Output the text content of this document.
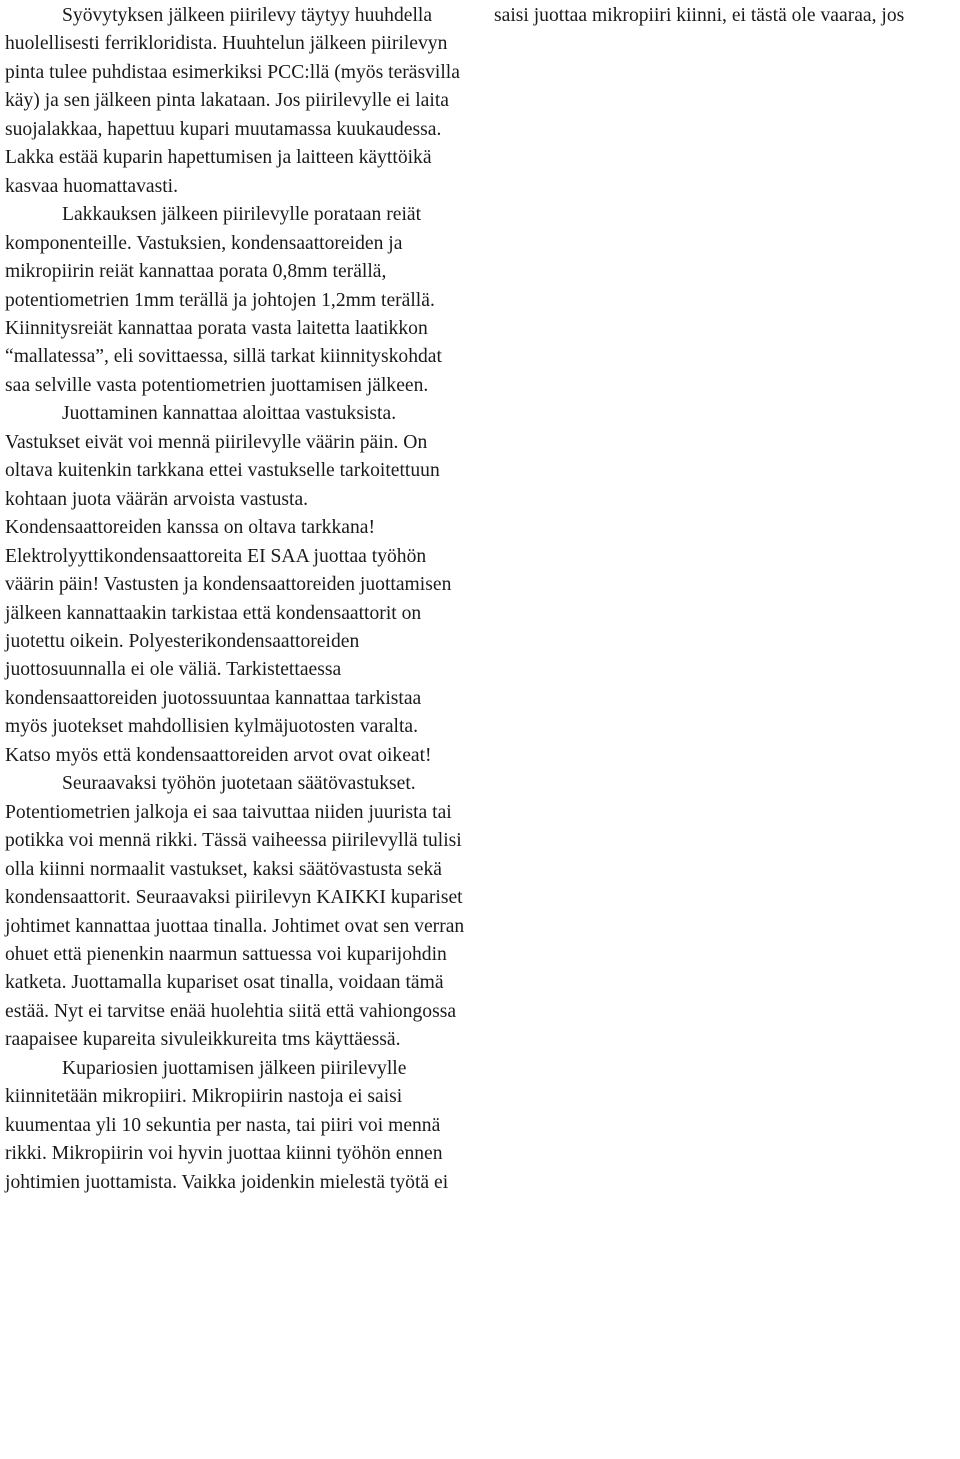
Syövytyksen jälkeen piirilevy täytyy huuhdella huolellisesti ferrikloridista. Huuhtelun jälkeen piirilevyn pinta tulee puhdistaa esimerkiksi PCC:llä (myös teräsvilla käy) ja sen jälkeen pinta lakataan. Jos piirilevylle ei laita suojalakkaa, hapettuu kupari muutamassa kuukaudessa. Lakka estää kuparin hapettumisen ja laitteen käyttöikä kasvaa huomattavasti.

Lakkauksen jälkeen piirilevylle porataan reiät komponenteille. Vastuksien, kondensaattoreiden ja mikropiirin reiät kannattaa porata 0,8mm terällä, potentiometrien 1mm terällä ja johtojen 1,2mm terällä. Kiinnitysreiät kannattaa porata vasta laitetta laatikkon “mallatessa”, eli sovittaessa, sillä tarkat kiinnityskohdat saa selville vasta potentiometrien juottamisen jälkeen.

Juottaminen kannattaa aloittaa vastuksista. Vastukset eivät voi mennä piirilevylle väärin päin. On oltava kuitenkin tarkkana ettei vastukselle tarkoitettuun kohtaan juota väärän arvoista vastusta. Kondensaattoreiden kanssa on oltava tarkkana! Elektrolyyttikondensaattoreita EI SAA juottaa työhön väärin päin! Vastusten ja kondensaattoreiden juottamisen jälkeen kannattaakin tarkistaa että kondensaattorit on juotettu oikein. Polyesterikondensaattoreiden juottosuunnalla ei ole väliä. Tarkistettaessa kondensaattoreiden juotossuuntaa kannattaa tarkistaa myös juotekset mahdollisien kylmäjuotosten varalta. Katso myös että kondensaattoreiden arvot ovat oikeat!

Seuraavaksi työhön juotetaan säätövastukset. Potentiometrien jalkoja ei saa taivuttaa niiden juurista tai potikka voi mennä rikki. Tässä vaiheessa piirilevyllä tulisi olla kiinni normaalit vastukset, kaksi säätövastusta sekä kondensaattorit. Seuraavaksi piirilevyn KAIKKI kupariset johtimet kannattaa juottaa tinalla. Johtimet ovat sen verran ohuet että pienenkin naarmun sattuessa voi kuparijohdin katketa. Juottamalla kupariset osat tinalla, voidaan tämä estää. Nyt ei tarvitse enää huolehtia siitä että vahiongossa raapaisee kupareita sivuleikkureita tms käyttäessä.

Kupariosien juottamisen jälkeen piirilevylle kiinnitetään mikropiiri. Mikropiirin nastoja ei saisi kuumentaa yli 10 sekuntia per nasta, tai piiri voi mennä rikki. Mikropiirin voi hyvin juottaa kiinni työhön ennen johtimien juottamista. Vaikka joidenkin mielestä työtä ei

saisi juottaa mikropiiri kiinni, ei tästä ole vaaraa, jos
